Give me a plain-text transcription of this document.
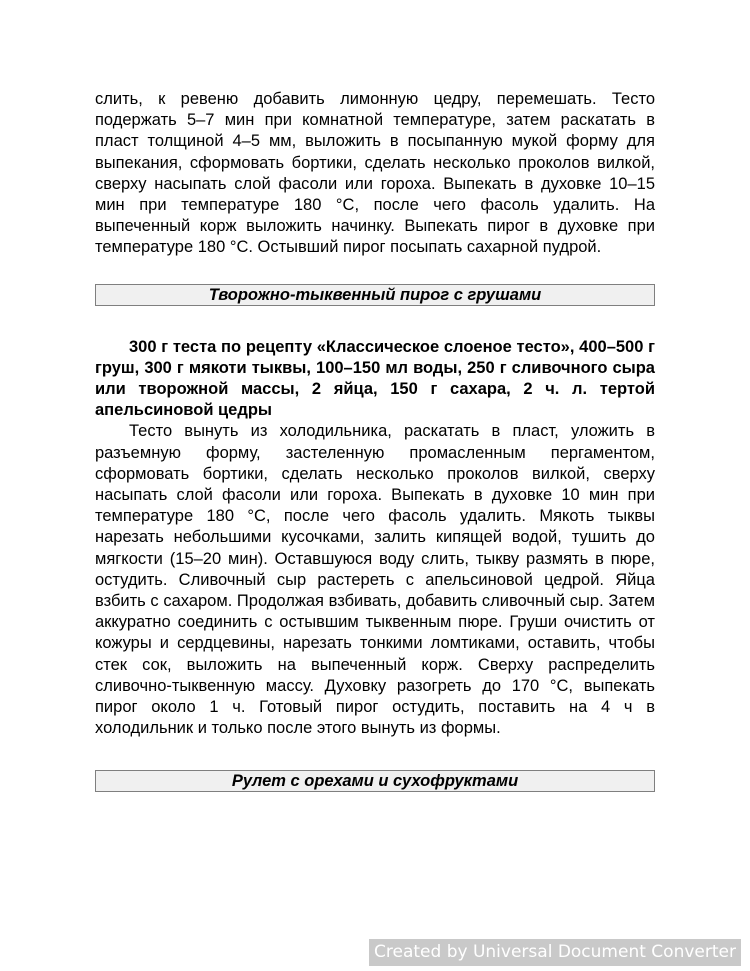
слить, к ревеню добавить лимонную цедру, перемешать. Тесто подержать 5–7 мин при комнатной температуре, затем раскатать в пласт толщиной 4–5 мм, выложить в посыпанную мукой форму для выпекания, сформовать бортики, сделать несколько проколов вилкой, сверху насыпать слой фасоли или гороха. Выпекать в духовке 10–15 мин при температуре 180 °С, после чего фасоль удалить. На выпеченный корж выложить начинку. Выпекать пирог в духовке при температуре 180 °С. Остывший пирог посыпать сахарной пудрой.

Творожно-тыквенный пирог с грушами

300 г теста по рецепту «Классическое слоеное тесто», 400–500 г груш, 300 г мякоти тыквы, 100–150 мл воды, 250 г сливочного сыра или творожной массы, 2 яйца, 150 г сахара, 2 ч. л. тертой апельсиновой цедры

Тесто вынуть из холодильника, раскатать в пласт, уложить в разъемную форму, застеленную промасленным пергаментом, сформовать бортики, сделать несколько проколов вилкой, сверху насыпать слой фасоли или гороха. Выпекать в духовке 10 мин при температуре 180 °С, после чего фасоль удалить. Мякоть тыквы нарезать небольшими кусочками, залить кипящей водой, тушить до мягкости (15–20 мин). Оставшуюся воду слить, тыкву размять в пюре, остудить. Сливочный сыр растереть с апельсиновой цедрой. Яйца взбить с сахаром. Продолжая взбивать, добавить сливочный сыр. Затем аккуратно соединить с остывшим тыквенным пюре. Груши очистить от кожуры и сердцевины, нарезать тонкими ломтиками, оставить, чтобы стек сок, выложить на выпеченный корж. Сверху распределить сливочно-тыквенную массу. Духовку разогреть до 170 °С, выпекать пирог около 1 ч. Готовый пирог остудить, поставить на 4 ч в холодильник и только после этого вынуть из формы.

Рулет с орехами и сухофруктами
Created by Universal Document Converter
